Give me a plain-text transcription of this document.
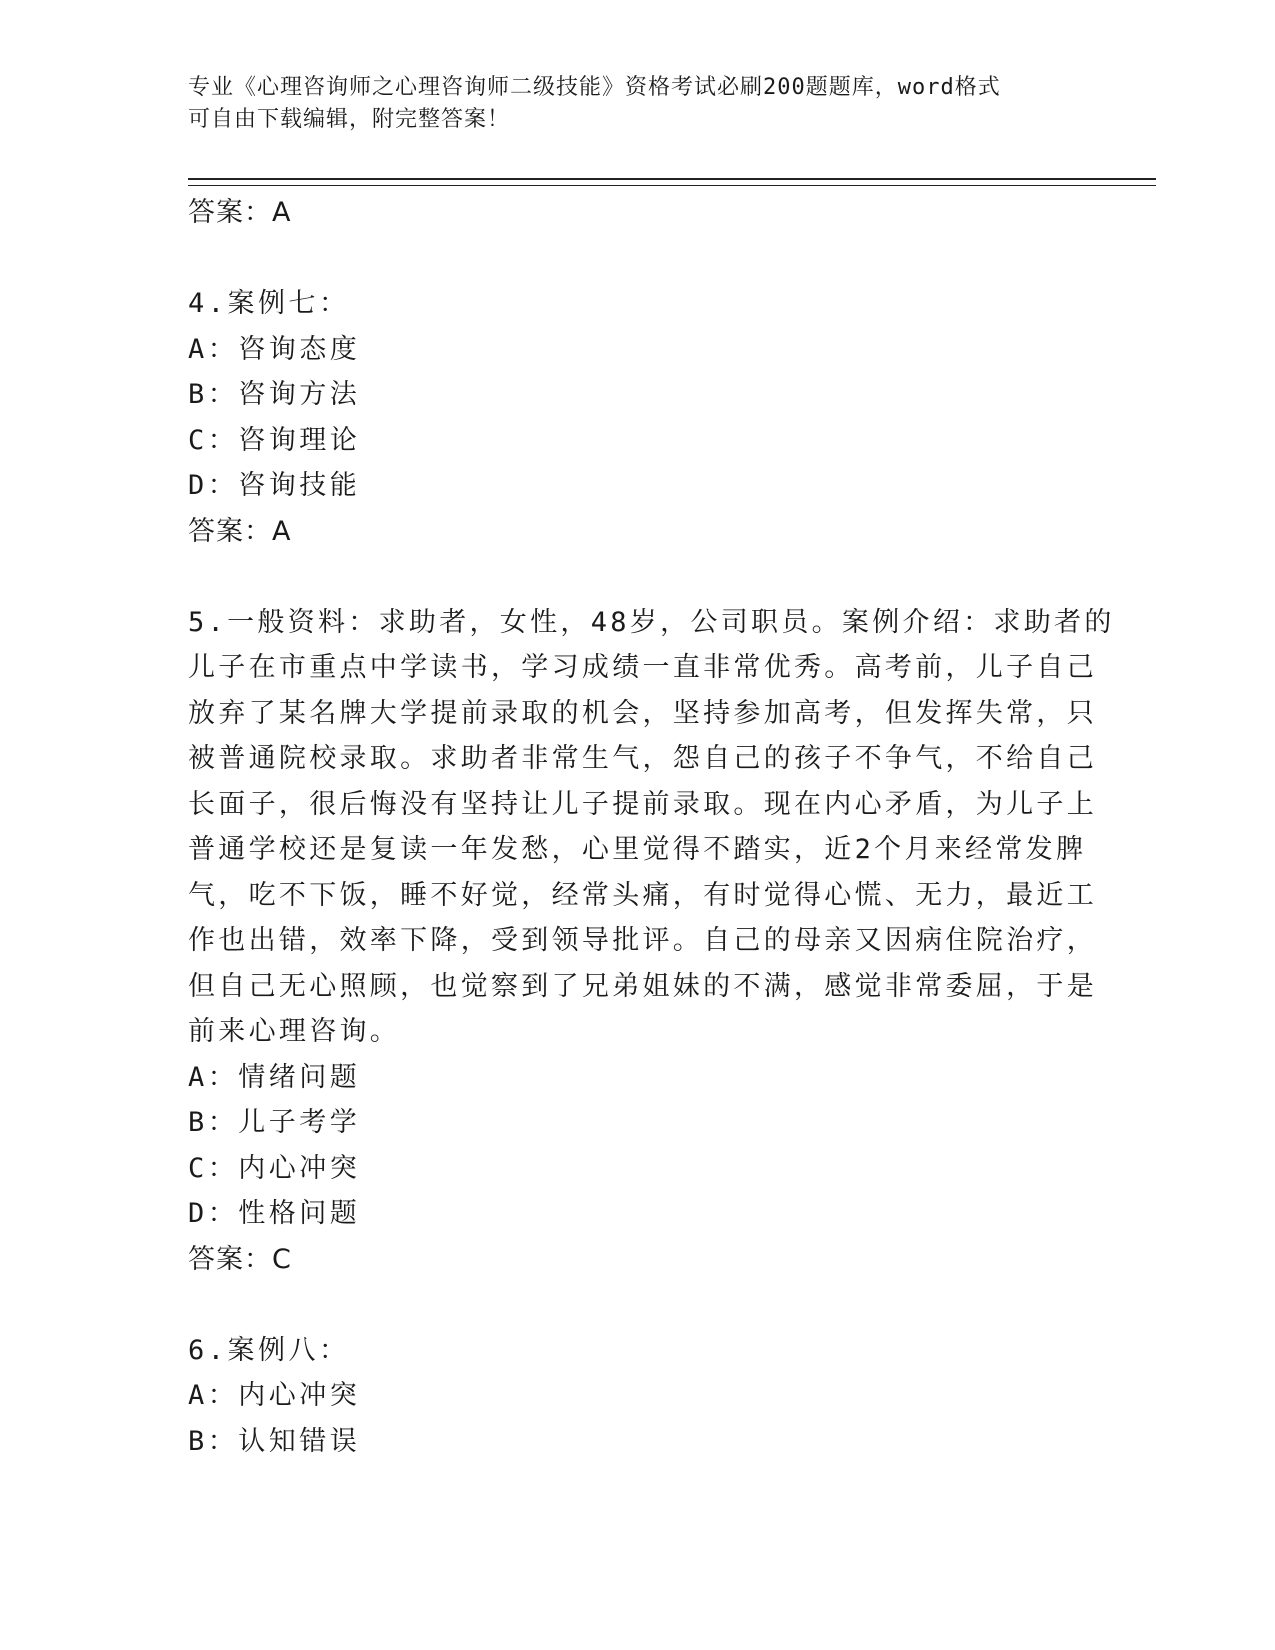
专业《心理咨询师之心理咨询师二级技能》资格考试必刷200题题库，word格式
可自由下载编辑，附完整答案！
答案：A
4.案例七：
A：咨询态度
B：咨询方法
C：咨询理论
D：咨询技能
答案：A
5.一般资料：求助者，女性，48岁，公司职员。案例介绍：求助者的
儿子在市重点中学读书，学习成绩一直非常优秀。高考前，儿子自己
放弃了某名牌大学提前录取的机会，坚持参加高考，但发挥失常，只
被普通院校录取。求助者非常生气，怨自己的孩子不争气，不给自己
长面子，很后悔没有坚持让儿子提前录取。现在内心矛盾，为儿子上
普通学校还是复读一年发愁，心里觉得不踏实，近2个月来经常发脾
气，吃不下饭，睡不好觉，经常头痛，有时觉得心慌、无力，最近工
作也出错，效率下降，受到领导批评。自己的母亲又因病住院治疗，
但自己无心照顾，也觉察到了兄弟姐妹的不满，感觉非常委屈，于是
前来心理咨询。
A：情绪问题
B：儿子考学
C：内心冲突
D：性格问题
答案：C
6.案例八：
A：内心冲突
B：认知错误
